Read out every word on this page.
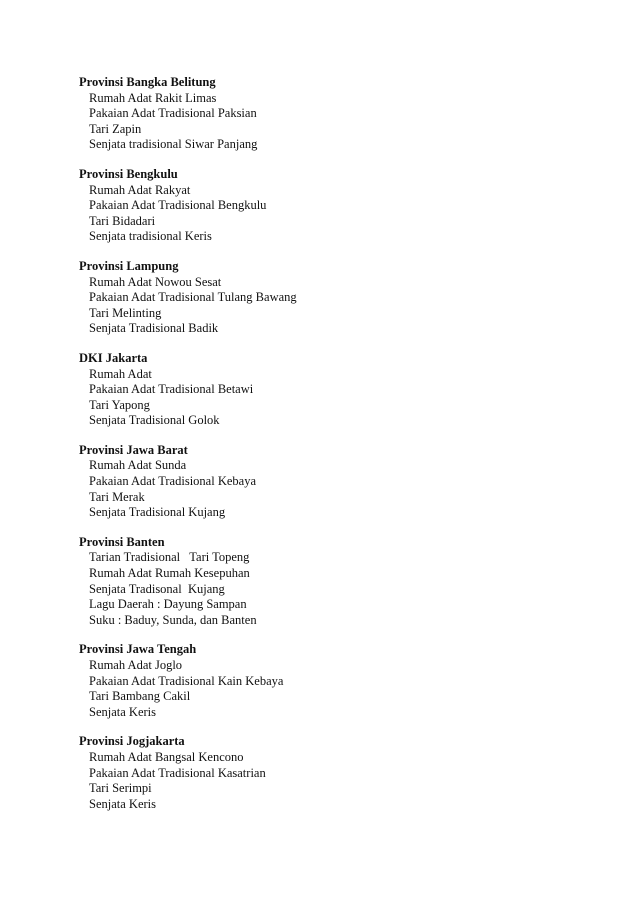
Provinsi Bangka Belitung

Rumah Adat Rakit Limas
Pakaian Adat Tradisional Paksian
Tari Zapin
Senjata tradisional Siwar Panjang

Provinsi Bengkulu

Rumah Adat Rakyat
Pakaian Adat Tradisional Bengkulu
Tari Bidadari
Senjata tradisional Keris

Provinsi Lampung

Rumah Adat Nowou Sesat
Pakaian Adat Tradisional Tulang Bawang
Tari Melinting
Senjata Tradisional Badik

DKI Jakarta

Rumah Adat
Pakaian Adat Tradisional Betawi
Tari Yapong
Senjata Tradisional Golok

Provinsi Jawa Barat

Rumah Adat Sunda
Pakaian Adat Tradisional Kebaya
Tari Merak
Senjata Tradisional Kujang

Provinsi Banten

Tarian Tradisional   Tari Topeng
Rumah Adat Rumah Kesepuhan
Senjata Tradisonal  Kujang
Lagu Daerah : Dayung Sampan
Suku : Baduy, Sunda, dan Banten

Provinsi Jawa Tengah

Rumah Adat Joglo
Pakaian Adat Tradisional Kain Kebaya
Tari Bambang Cakil
Senjata Keris

Provinsi Jogjakarta

Rumah Adat Bangsal Kencono
Pakaian Adat Tradisional Kasatrian
Tari Serimpi
Senjata Keris
